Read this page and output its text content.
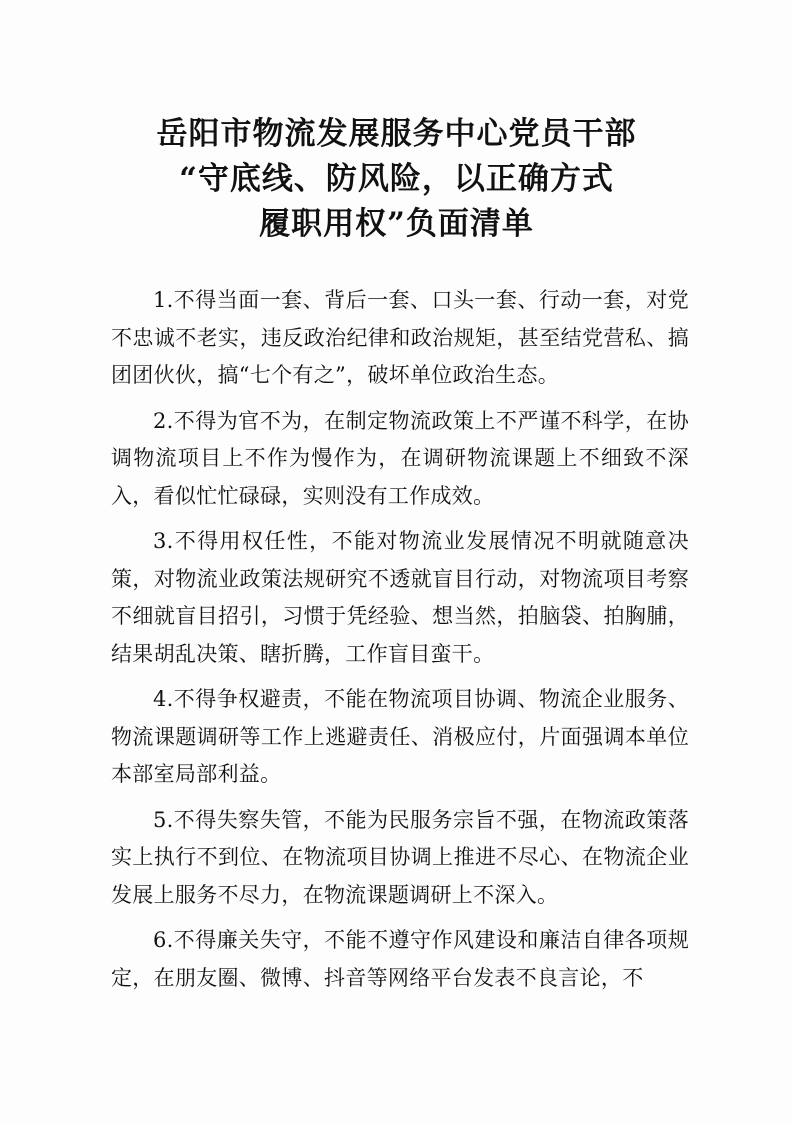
岳阳市物流发展服务中心党员干部
“守底线、防风险，以正确方式
履职用权”负面清单

1.不得当面一套、背后一套、口头一套、行动一套，对党不忠诚不老实，违反政治纪律和政治规矩，甚至结党营私、搞团团伙伙，搞“七个有之”，破坏单位政治生态。

2.不得为官不为，在制定物流政策上不严谨不科学，在协调物流项目上不作为慢作为，在调研物流课题上不细致不深入，看似忙忙碌碌，实则没有工作成效。

3.不得用权任性，不能对物流业发展情况不明就随意决策，对物流业政策法规研究不透就盲目行动，对物流项目考察不细就盲目招引，习惯于凭经验、想当然，拍脑袋、拍胸脯，结果胡乱决策、瞎折腾，工作盲目蛮干。

4.不得争权避责，不能在物流项目协调、物流企业服务、物流课题调研等工作上逃避责任、消极应付，片面强调本单位本部室局部利益。

5.不得失察失管，不能为民服务宗旨不强，在物流政策落实上执行不到位、在物流项目协调上推进不尽心、在物流企业发展上服务不尽力，在物流课题调研上不深入。

6.不得廉关失守，不能不遵守作风建设和廉洁自律各项规定，在朋友圈、微博、抖音等网络平台发表不良言论，不
